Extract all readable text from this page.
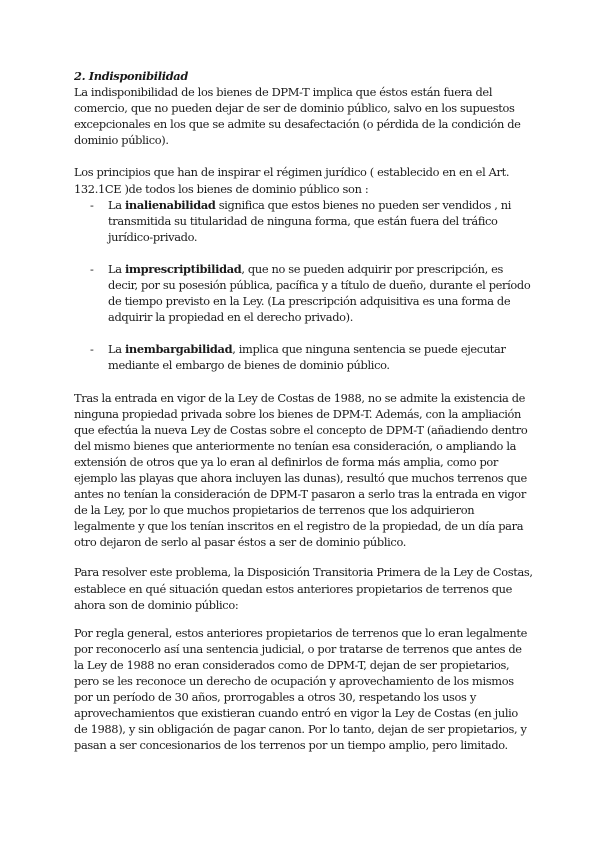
2. Indisponibilidad

La indisponibilidad de los bienes de DPM-T implica que éstos están fuera del comercio, que no pueden dejar de ser de dominio público, salvo en los supuestos excepcionales en los que se admite su desafectación (o pérdida de la condición de dominio público).

Los principios que han de inspirar el régimen jurídico ( establecido en en el Art. 132.1CE )de todos los bienes de dominio público son :

- La inalienabilidad significa que estos bienes no pueden ser vendidos , ni transmitida su titularidad de ninguna forma, que están fuera del tráfico jurídico-privado.
- La imprescriptibilidad, que no se pueden adquirir por prescripción, es decir, por su posesión pública, pacífica y a título de dueño, durante el período de tiempo previsto en la Ley. (La prescripción adquisitiva es una forma de adquirir la propiedad en el derecho privado).
- La inembargabilidad, implica que ninguna sentencia se puede ejecutar mediante el embargo de bienes de dominio público.

Tras la entrada en vigor de la Ley de Costas de 1988, no se admite la existencia de ninguna propiedad privada sobre los bienes de DPM-T. Además, con la ampliación que efectúa la nueva Ley de Costas sobre el concepto de DPM-T (añadiendo dentro del mismo bienes que anteriormente no tenían esa consideración, o ampliando la extensión de otros que ya lo eran al definirlos de forma más amplia, como por ejemplo las playas que ahora incluyen las dunas), resultó que muchos terrenos que antes no tenían la consideración de DPM-T pasaron a serlo tras la entrada en vigor de la Ley, por lo que muchos propietarios de terrenos que los adquirieron legalmente y que los tenían inscritos en el registro de la propiedad, de un día para otro dejaron de serlo al pasar éstos a ser de dominio público.

Para resolver este problema, la Disposición Transitoria Primera de la Ley de Costas, establece en qué situación quedan estos anteriores propietarios de terrenos que ahora son de dominio público:

Por regla general, estos anteriores propietarios de terrenos que lo eran legalmente por reconocerlo así una sentencia judicial, o por tratarse de terrenos que antes de la Ley de 1988 no eran considerados como de DPM-T, dejan de ser propietarios, pero se les reconoce un derecho de ocupación y aprovechamiento de los mismos por un período de 30 años, prorrogables a otros 30, respetando los usos y aprovechamientos que existieran cuando entró en vigor la Ley de Costas (en julio de 1988), y sin obligación de pagar canon. Por lo tanto, dejan de ser propietarios, y pasan a ser concesionarios de los terrenos por un tiempo amplio, pero limitado.
